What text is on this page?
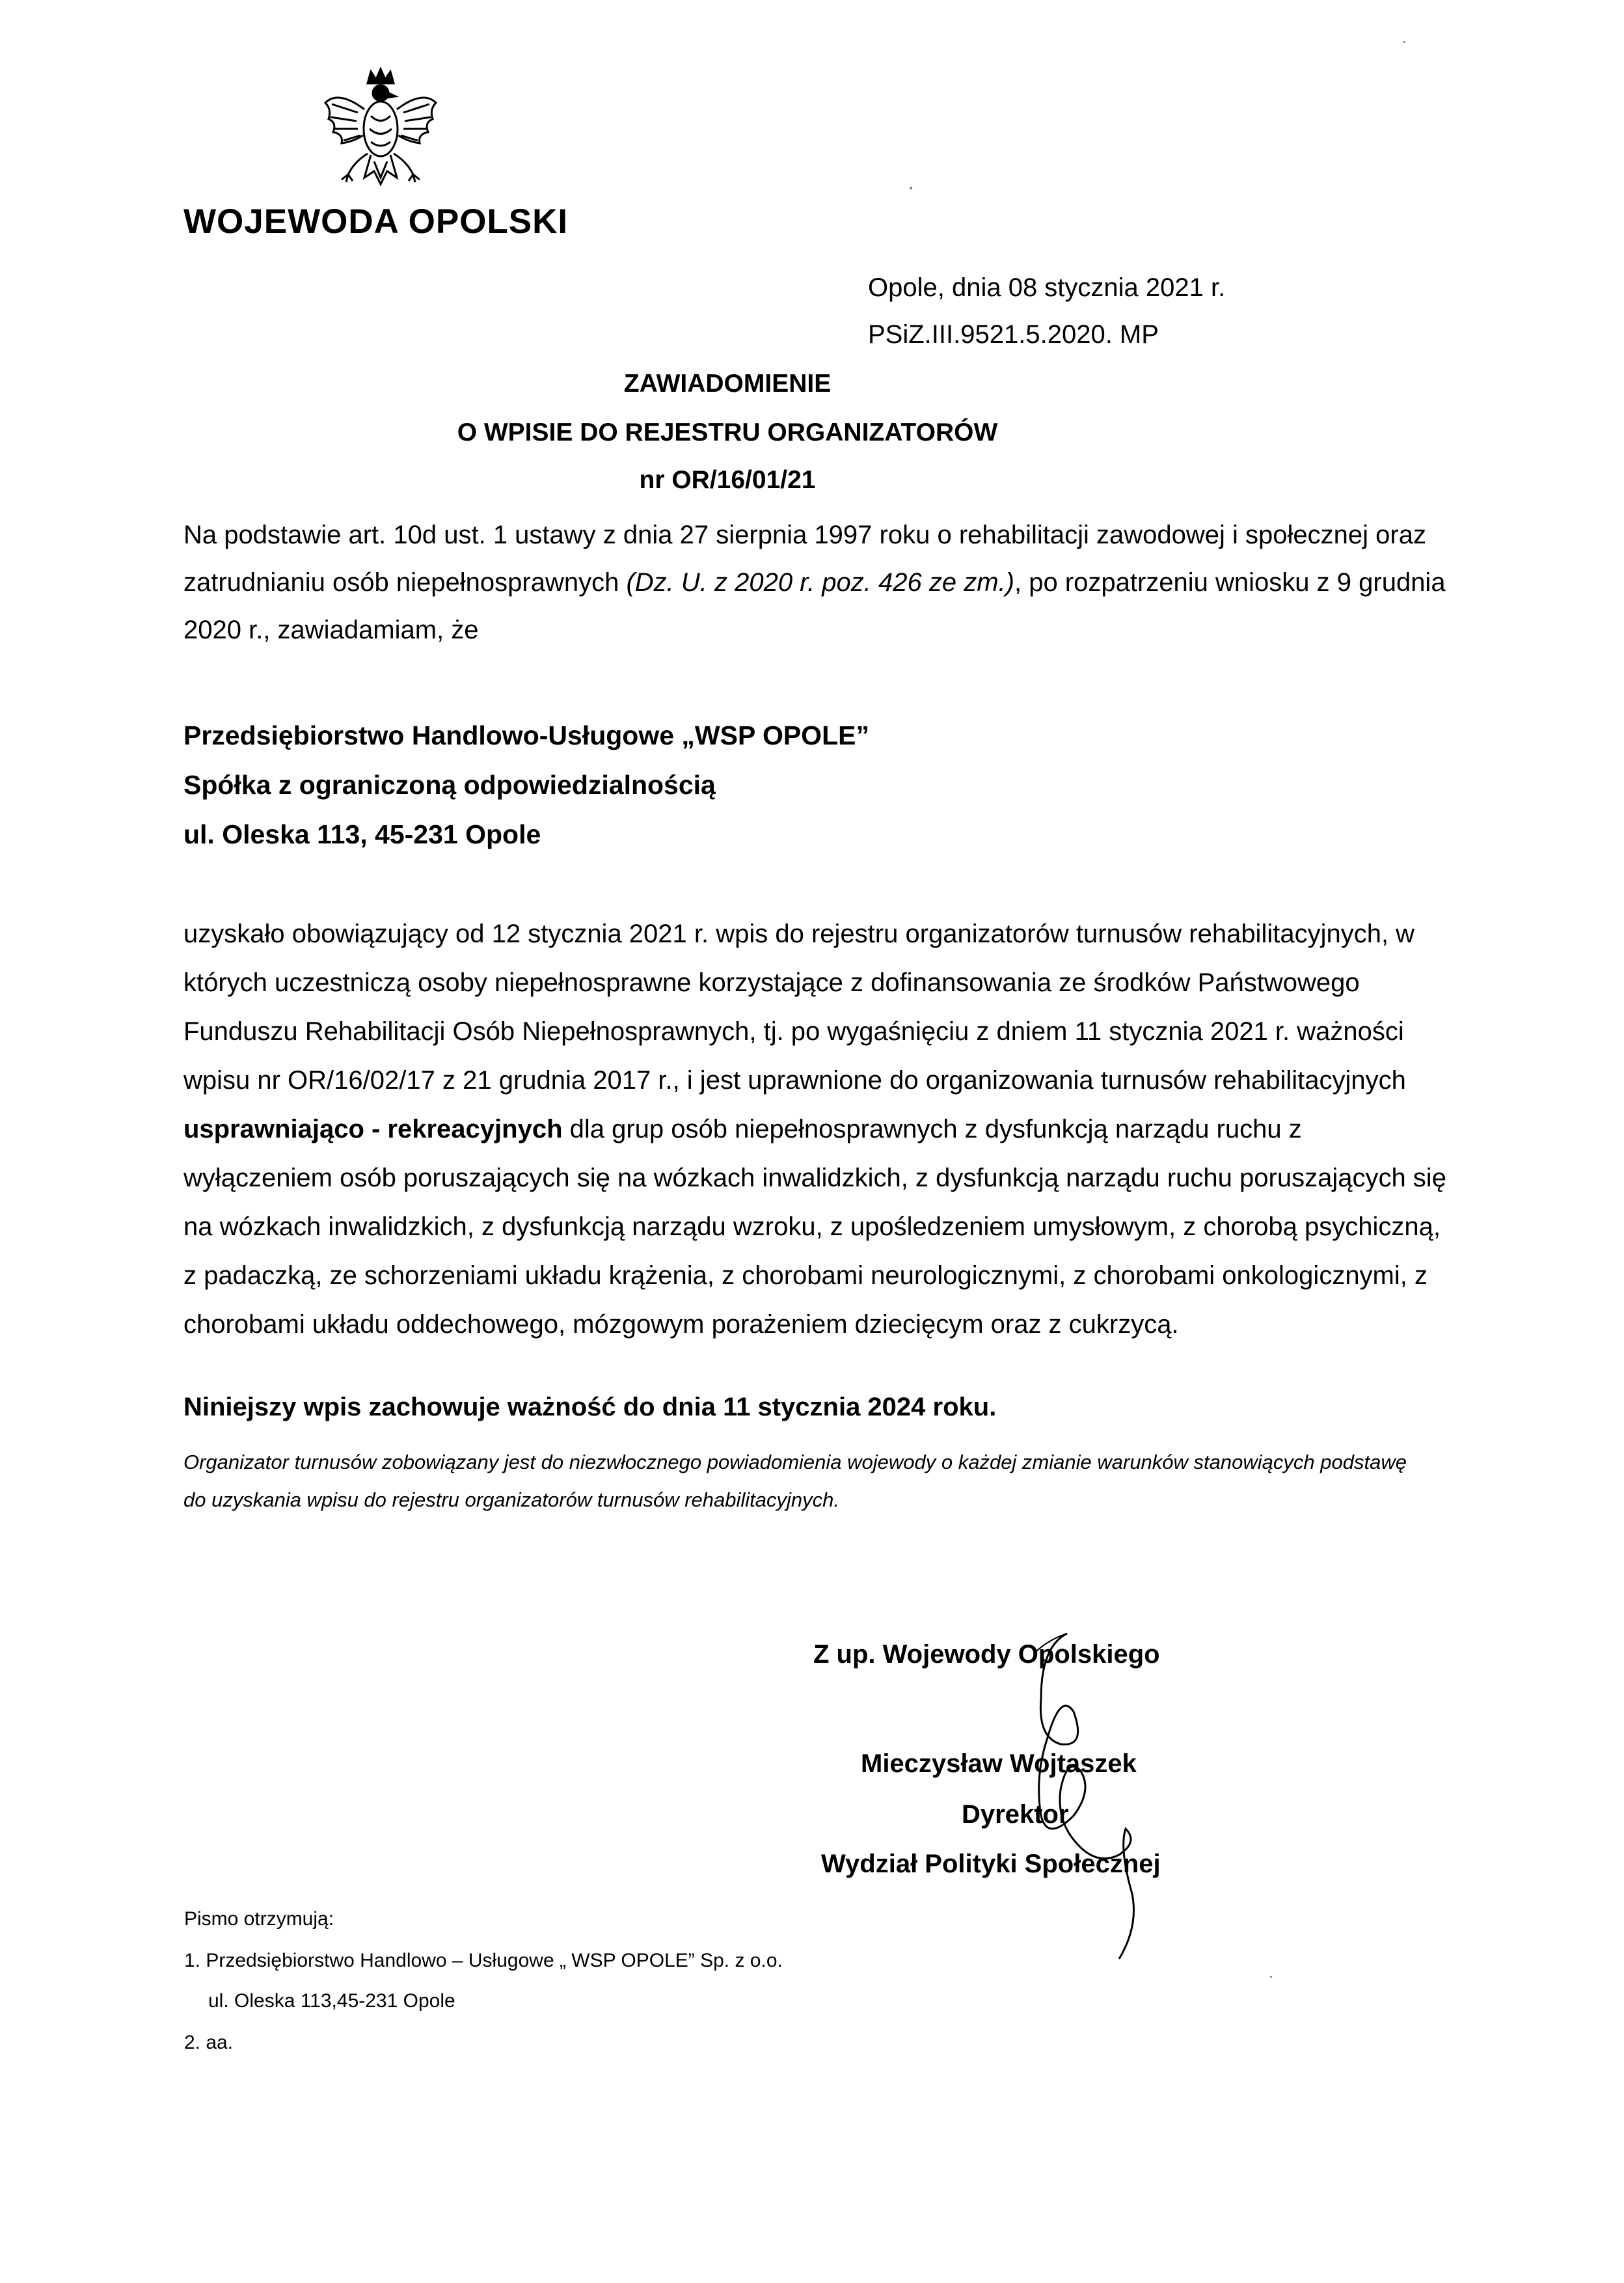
WOJEWODA OPOLSKI
Opole, dnia 08 stycznia 2021 r.
PSiZ.III.9521.5.2020. MP
ZAWIADOMIENIE
O WPISIE DO REJESTRU ORGANIZATORÓW
nr OR/16/01/21
Na podstawie art. 10d ust. 1 ustawy z dnia 27 sierpnia 1997 roku o rehabilitacji zawodowej i społecznej oraz zatrudnianiu osób niepełnosprawnych (Dz. U. z 2020 r. poz. 426 ze zm.), po rozpatrzeniu wniosku z 9 grudnia 2020 r., zawiadamiam, że
Przedsiębiorstwo Handlowo-Usługowe „WSP OPOLE”
Spółka z ograniczoną odpowiedzialnością
ul. Oleska 113, 45-231 Opole
uzyskało obowiązujący od 12 stycznia 2021 r. wpis do rejestru organizatorów turnusów rehabilitacyjnych, w których uczestniczą osoby niepełnosprawne korzystające z dofinansowania ze środków Państwowego Funduszu Rehabilitacji Osób Niepełnosprawnych, tj. po wygaśnięciu z dniem 11 stycznia 2021 r. ważności wpisu nr OR/16/02/17 z 21 grudnia 2017 r., i jest uprawnione do organizowania turnusów rehabilitacyjnych usprawniająco - rekreacyjnych dla grup osób niepełnosprawnych z dysfunkcją narządu ruchu z wyłączeniem osób poruszających się na wózkach inwalidzkich, z dysfunkcją narządu ruchu poruszających się na wózkach inwalidzkich, z dysfunkcją narządu wzroku, z upośledzeniem umysłowym, z chorobą psychiczną, z padaczką, ze schorzeniami układu krążenia, z chorobami neurologicznymi, z chorobami onkologicznymi, z chorobami układu oddechowego, mózgowym porażeniem dziecięcym oraz z cukrzycą.
Niniejszy wpis zachowuje ważność do dnia 11 stycznia 2024 roku.
Organizator turnusów zobowiązany jest do niezwłocznego powiadomienia wojewody o każdej zmianie warunków stanowiących podstawę do uzyskania wpisu do rejestru organizatorów turnusów rehabilitacyjnych.
Z up. Wojewody Opolskiego
Mieczysław Wojtaszek
Dyrektor
Wydział Polityki Społecznej
Pismo otrzymują:
1. Przedsiębiorstwo Handlowo – Usługowe „ WSP OPOLE” Sp. z o.o.
ul. Oleska 113,45-231 Opole
2. aa.
